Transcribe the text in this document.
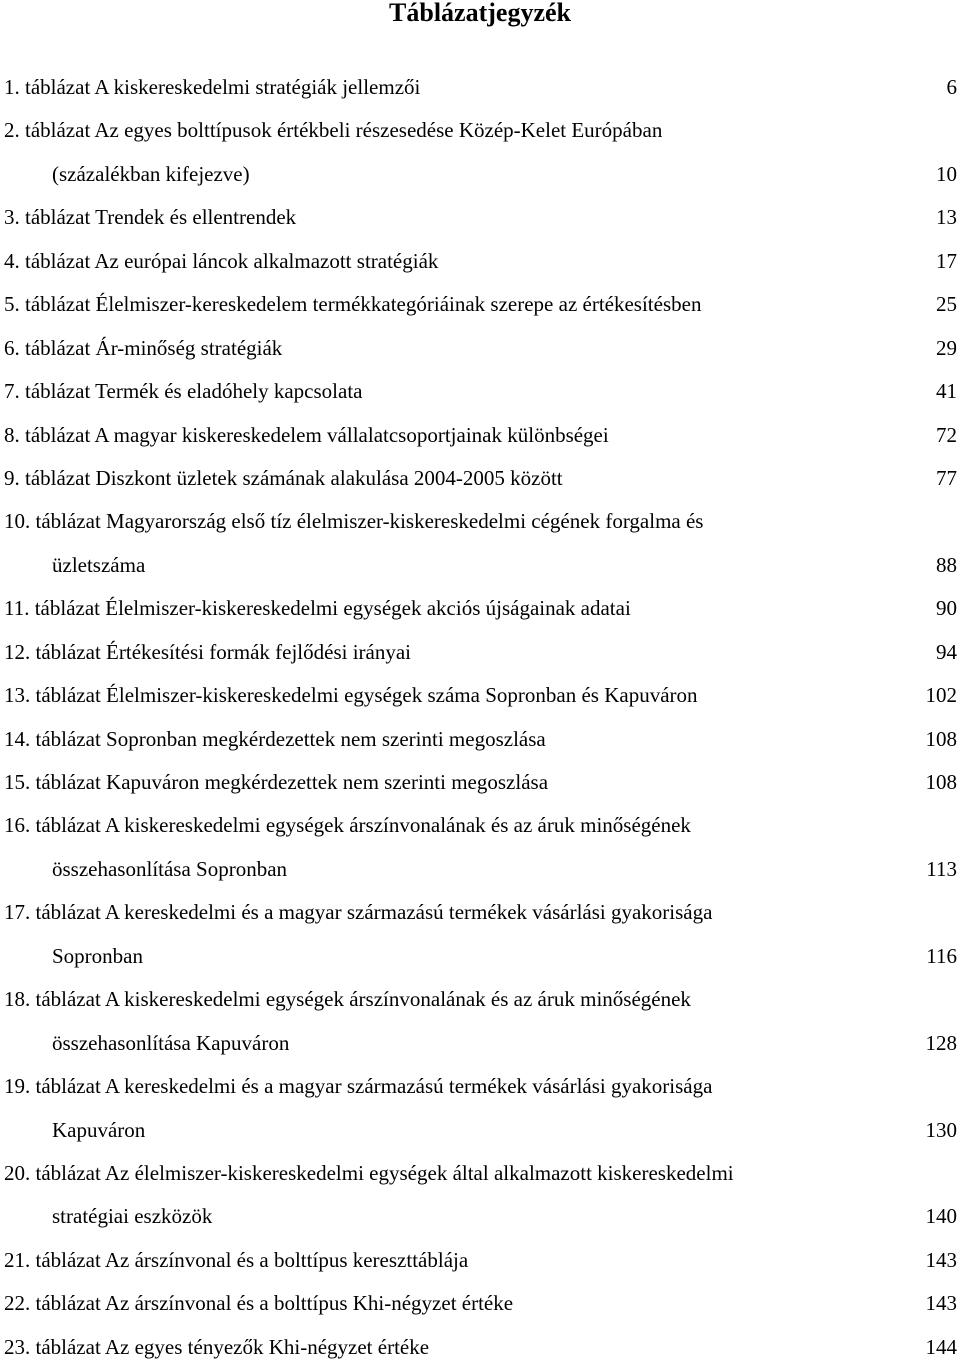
Táblázatjegyzék
1. táblázat A kiskereskedelmi stratégiák jellemzői	6
2. táblázat Az egyes bolttípusok értékbeli részesedése Közép-Kelet Európában
(százalékban kifejezve)	10
3. táblázat Trendek és ellentrendek	13
4. táblázat Az európai láncok alkalmazott stratégiák	17
5. táblázat Élelmiszer-kereskedelem termékkategóriáinak szerepe az értékesítésben	25
6. táblázat Ár-minőség stratégiák	29
7. táblázat Termék és eladóhely kapcsolata	41
8. táblázat A magyar kiskereskedelem vállalatcsoportjainak különbségei	72
9. táblázat Diszkont üzletek számának alakulása 2004-2005 között	77
10. táblázat Magyarország első tíz élelmiszer-kiskereskedelmi cégének forgalma és
üzletszáma	88
11. táblázat Élelmiszer-kiskereskedelmi egységek akciós újságainak adatai	90
12. táblázat Értékesítési formák fejlődési irányai	94
13. táblázat Élelmiszer-kiskereskedelmi egységek száma Sopronban és Kapuváron	102
14. táblázat Sopronban megkérdezettek nem szerinti megoszlása	108
15. táblázat Kapuváron megkérdezettek nem szerinti megoszlása	108
16. táblázat A kiskereskedelmi egységek árszínvonalának és az áruk minőségének
összehasonlítása Sopronban	113
17. táblázat A kereskedelmi és a magyar származású termékek vásárlási gyakorisága
Sopronban	116
18. táblázat A kiskereskedelmi egységek árszínvonalának és az áruk minőségének
összehasonlítása Kapuváron	128
19. táblázat A kereskedelmi és a magyar származású termékek vásárlási gyakorisága
Kapuváron	130
20. táblázat Az élelmiszer-kiskereskedelmi egységek által alkalmazott kiskereskedelmi
stratégiai eszközök	140
21. táblázat Az árszínvonal és a bolttípus kereszttáblája	143
22. táblázat Az árszínvonal és a bolttípus Khi-négyzet értéke	143
23. táblázat Az egyes tényezők Khi-négyzet értéke	144
